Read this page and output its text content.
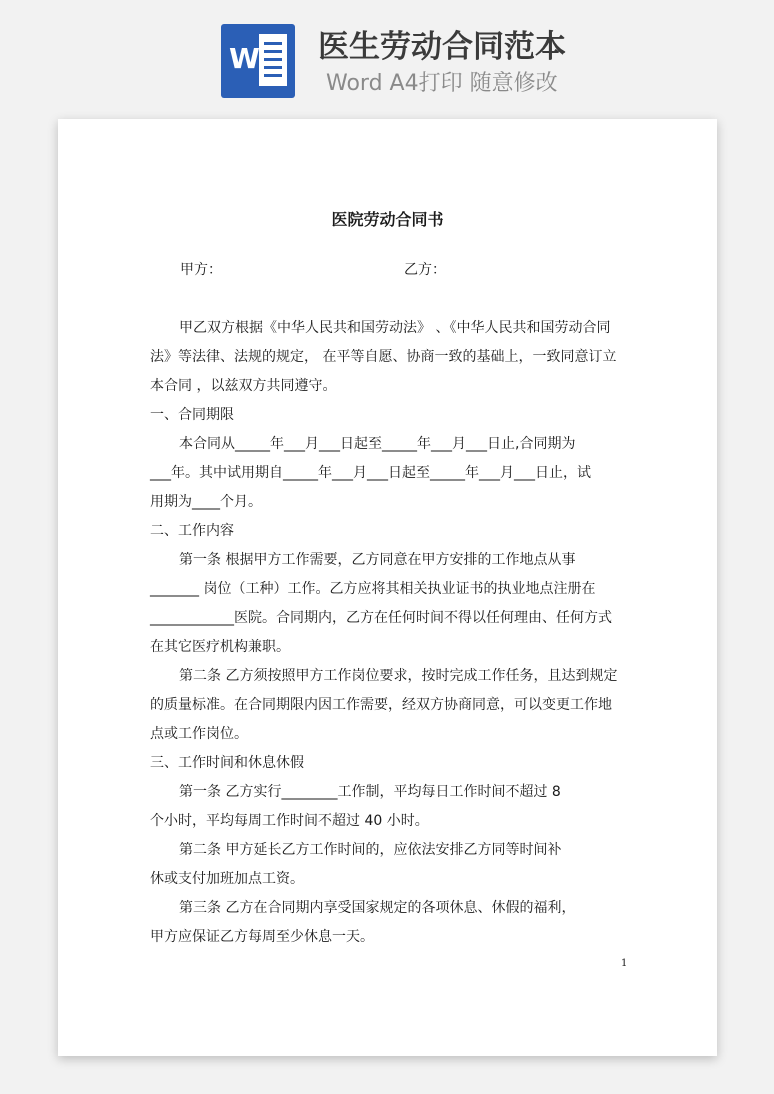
W 医生劳动合同范本
Word A4打印 随意修改
医院劳动合同书
甲方：	乙方：
甲乙双方根据《中华人民共和国劳动法》 、《中华人民共和国劳动合同
法》等法律、法规的规定， 在平等自愿、协商一致的基础上，一致同意订立
本合同 ，以兹双方共同遵守。
一、合同期限
本合同从_____年___月___日起至_____年___月___日止,合同期为
___年。其中试用期自_____年___月___日起至_____年___月___日止，试
用期为____个月。
二、工作内容
第一条 根据甲方工作需要，乙方同意在甲方安排的工作地点从事
_______ 岗位（工种）工作。乙方应将其相关执业证书的执业地点注册在
____________医院。合同期内，乙方在任何时间不得以任何理由、任何方式
在其它医疗机构兼职。
第二条 乙方须按照甲方工作岗位要求，按时完成工作任务，且达到规定
的质量标准。在合同期限内因工作需要，经双方协商同意，可以变更工作地
点或工作岗位。
三、工作时间和休息休假
第一条 乙方实行________工作制，平均每日工作时间不超过 8
个小时，平均每周工作时间不超过 40 小时。
第二条 甲方延长乙方工作时间的，应依法安排乙方同等时间补
休或支付加班加点工资。
第三条 乙方在合同期内享受国家规定的各项休息、休假的福利，
甲方应保证乙方每周至少休息一天。
1
